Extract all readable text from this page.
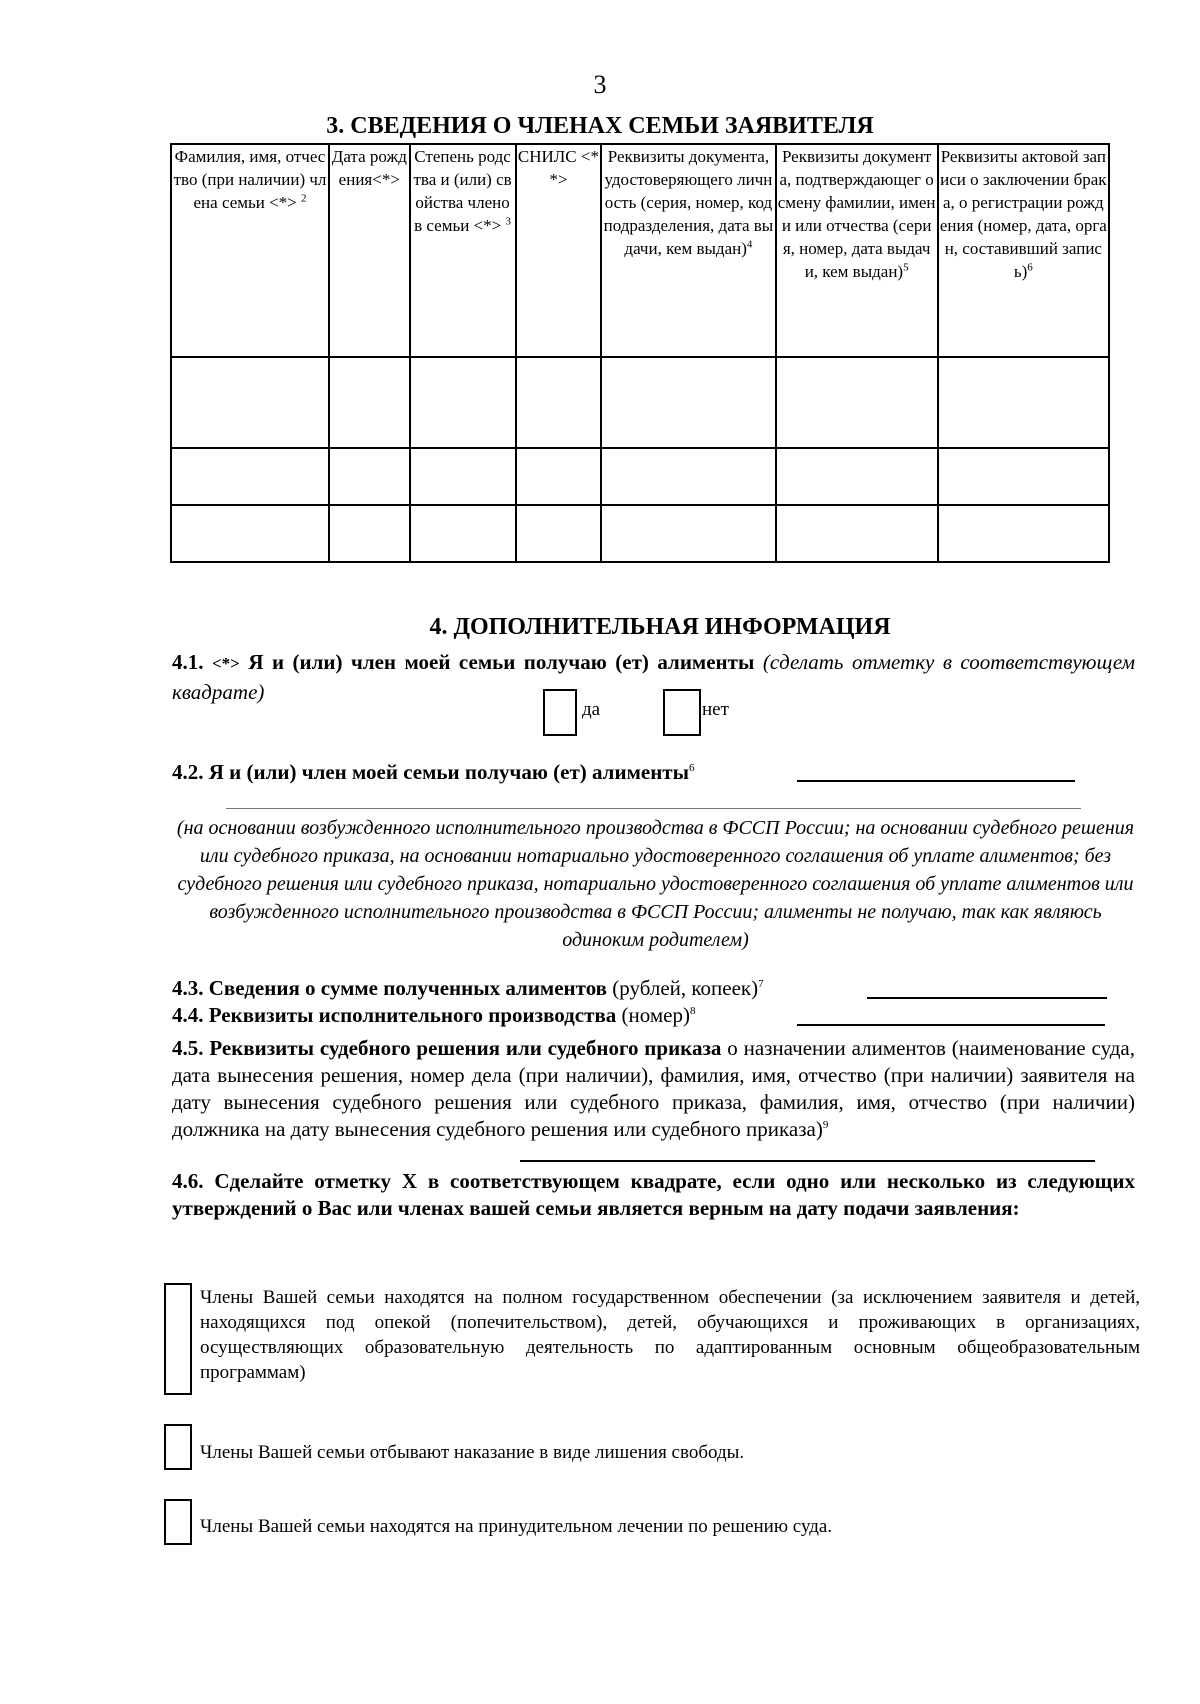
3
3. СВЕДЕНИЯ О ЧЛЕНАХ СЕМЬИ ЗАЯВИТЕЛЯ
Фамилия, имя, отчество (при наличии) члена семьи <*> $^2$	Дата рождения<*>	Степень родства и (или) свойства членов семьи <*> $^3$	СНИЛС <**>	Реквизиты документа, удостоверяющего личность (серия, номер, код подразделения, дата выдачи, кем выдан)$^4$	Реквизиты документа, подтверждающег о смену фамилии, имени или отчества (серия, номер, дата выдачи, кем выдан)$^5$	Реквизиты актовой записи о заключении брака, о регистрации рождения (номер, дата, орган, составивший запись)$^6$

4. ДОПОЛНИТЕЛЬНАЯ ИНФОРМАЦИЯ
4.1. <*> Я и (или) член моей семьи получаю (ет) алименты (сделать отметку в соответствующем квадрате)
да	нет
4.2. Я и (или) член моей семьи получаю (ет) алименты$^6$
(на основании возбужденного исполнительного производства в ФССП России; на основании судебного решения или судебного приказа, на основании нотариально удостоверенного соглашения об уплате алиментов; без судебного решения или судебного приказа, нотариально удостоверенного соглашения об уплате алиментов или возбужденного исполнительного производства в ФССП России; алименты не получаю, так как являюсь одиноким родителем)
4.3. Сведения о сумме полученных алиментов (рублей, копеек)$^7$
4.4. Реквизиты исполнительного производства (номер)$^8$
4.5. Реквизиты судебного решения или судебного приказа о назначении алиментов (наименование суда, дата вынесения решения, номер дела (при наличии), фамилия, имя, отчество (при наличии) заявителя на дату вынесения судебного решения или судебного приказа, фамилия, имя, отчество (при наличии) должника на дату вынесения судебного решения или судебного приказа)$^9$
4.6. Сделайте отметку Х в соответствующем квадрате, если одно или несколько из следующих утверждений о Вас или членах вашей семьи является верным на дату подачи заявления:
Члены Вашей семьи находятся на полном государственном обеспечении (за исключением заявителя и детей, находящихся под опекой (попечительством), детей, обучающихся и проживающих в организациях, осуществляющих образовательную деятельность по адаптированным основным общеобразовательным программам)
Члены Вашей семьи отбывают наказание в виде лишения свободы.
Члены Вашей семьи находятся на принудительном лечении по решению суда.
